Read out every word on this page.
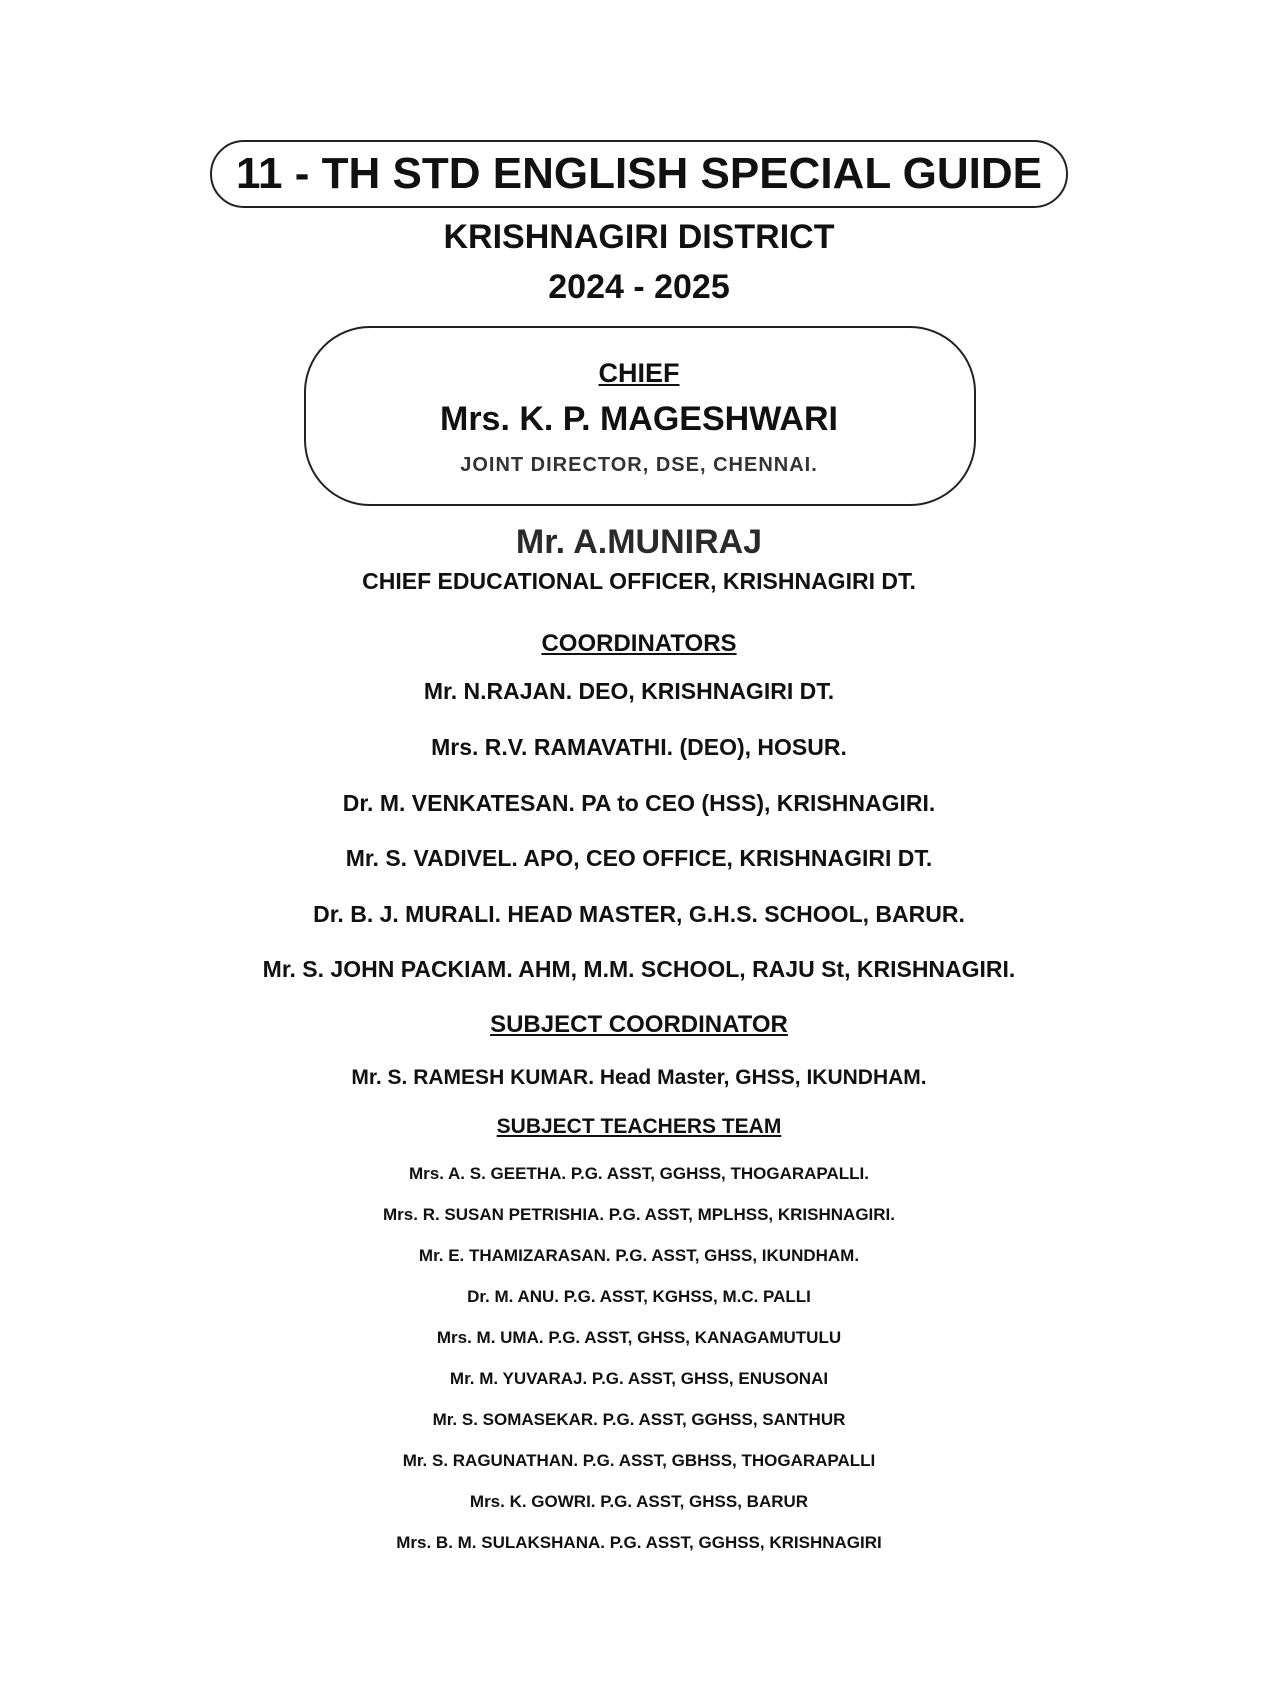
11 - TH STD ENGLISH SPECIAL GUIDE
KRISHNAGIRI DISTRICT
2024 - 2025
CHIEF
Mrs. K. P. MAGESHWARI
JOINT DIRECTOR, DSE, CHENNAI.
Mr. A.MUNIRAJ
CHIEF EDUCATIONAL OFFICER, KRISHNAGIRI DT.
COORDINATORS
Mr. N.RAJAN. DEO, KRISHNAGIRI DT.
Mrs. R.V. RAMAVATHI. (DEO), HOSUR.
Dr. M. VENKATESAN. PA to CEO (HSS), KRISHNAGIRI.
Mr. S. VADIVEL. APO, CEO OFFICE, KRISHNAGIRI DT.
Dr. B. J. MURALI. HEAD MASTER, G.H.S. SCHOOL, BARUR.
Mr. S. JOHN PACKIAM. AHM, M.M. SCHOOL, RAJU St, KRISHNAGIRI.
SUBJECT COORDINATOR
Mr. S. RAMESH KUMAR. Head Master, GHSS, IKUNDHAM.
SUBJECT TEACHERS TEAM
Mrs. A. S. GEETHA. P.G. ASST, GGHSS, THOGARAPALLI.
Mrs. R. SUSAN PETRISHIA. P.G. ASST, MPLHSS, KRISHNAGIRI.
Mr. E. THAMIZARASAN. P.G. ASST, GHSS, IKUNDHAM.
Dr. M. ANU. P.G. ASST, KGHSS, M.C. PALLI
Mrs. M. UMA. P.G. ASST, GHSS, KANAGAMUTULU
Mr. M. YUVARAJ. P.G. ASST, GHSS, ENUSONAI
Mr. S. SOMASEKAR. P.G. ASST, GGHSS, SANTHUR
Mr. S. RAGUNATHAN. P.G. ASST, GBHSS, THOGARAPALLI
Mrs. K. GOWRI. P.G. ASST, GHSS, BARUR
Mrs. B. M. SULAKSHANA. P.G. ASST, GGHSS, KRISHNAGIRI
